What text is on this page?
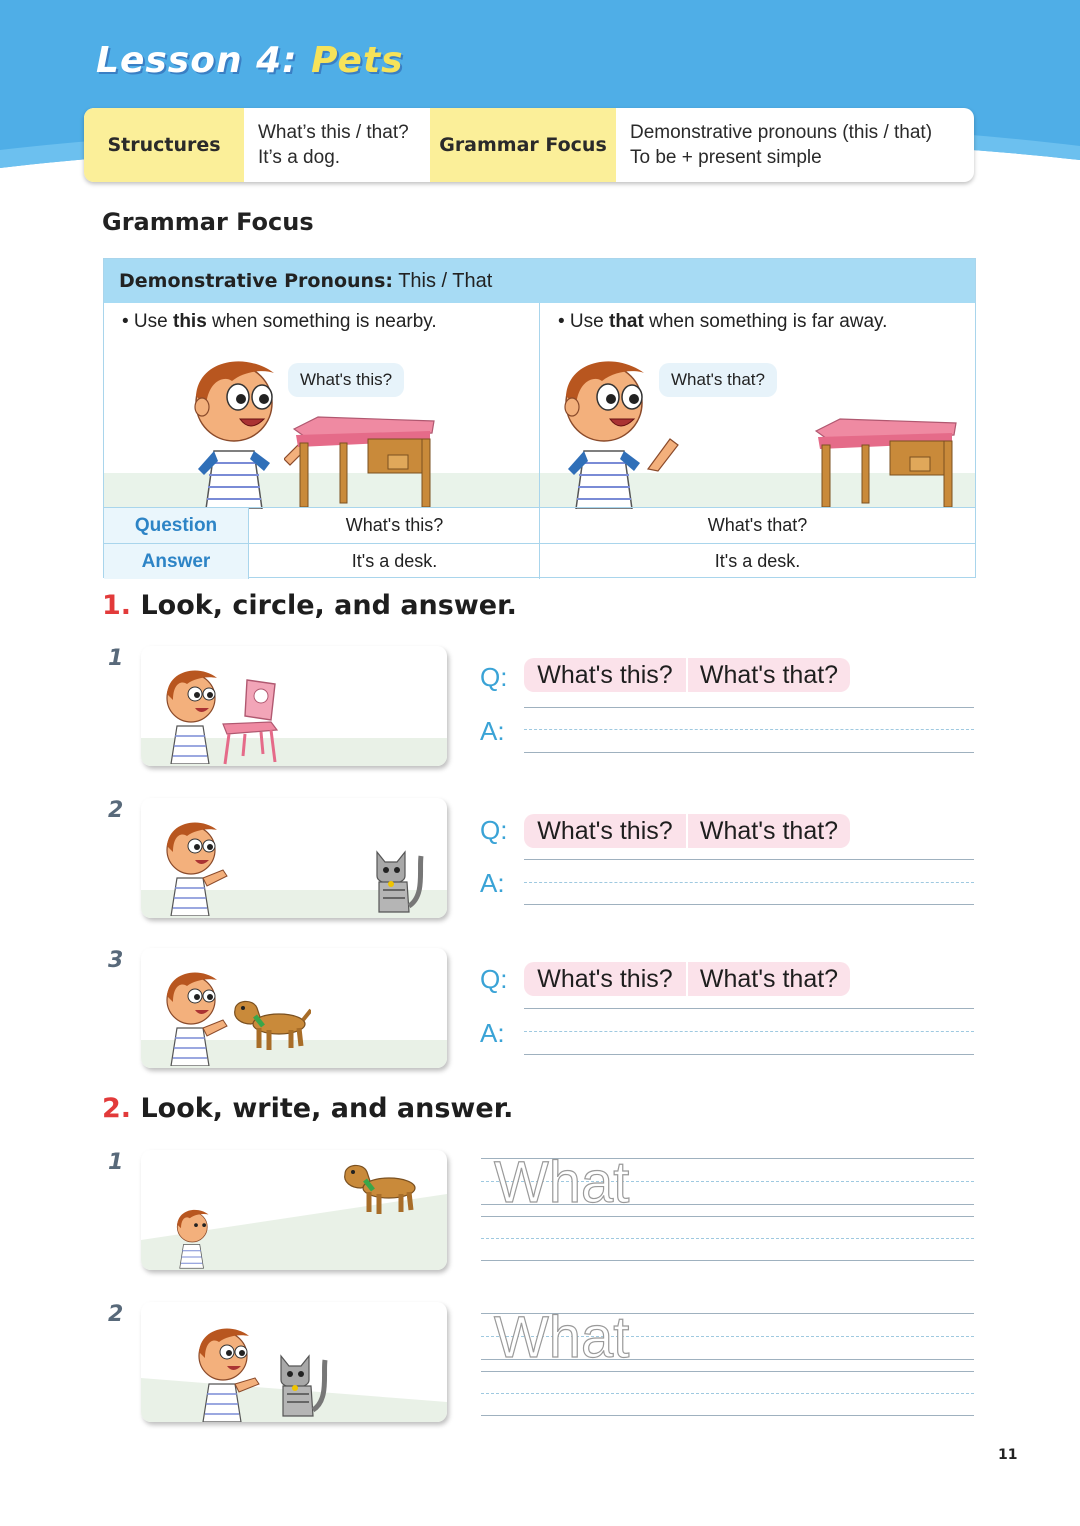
Lesson 4: Pets
Structures
What’s this / that?
It’s a dog.
Grammar Focus
Demonstrative pronouns (this / that)
To be + present simple
Grammar Focus
Demonstrative Pronouns: This / That
• Use this when something is nearby.	• Use that when something is far away.
What's this?	What's that?
Question	What's this?	What's that?
Answer	It's a desk.	It's a desk.
1. Look, circle, and answer.
1
Q:	What's this?	What's that?
A:
2
Q:	What's this?	What's that?
A:
3
Q:	What's this?	What's that?
A:
2. Look, write, and answer.
1	What
2	What
11
